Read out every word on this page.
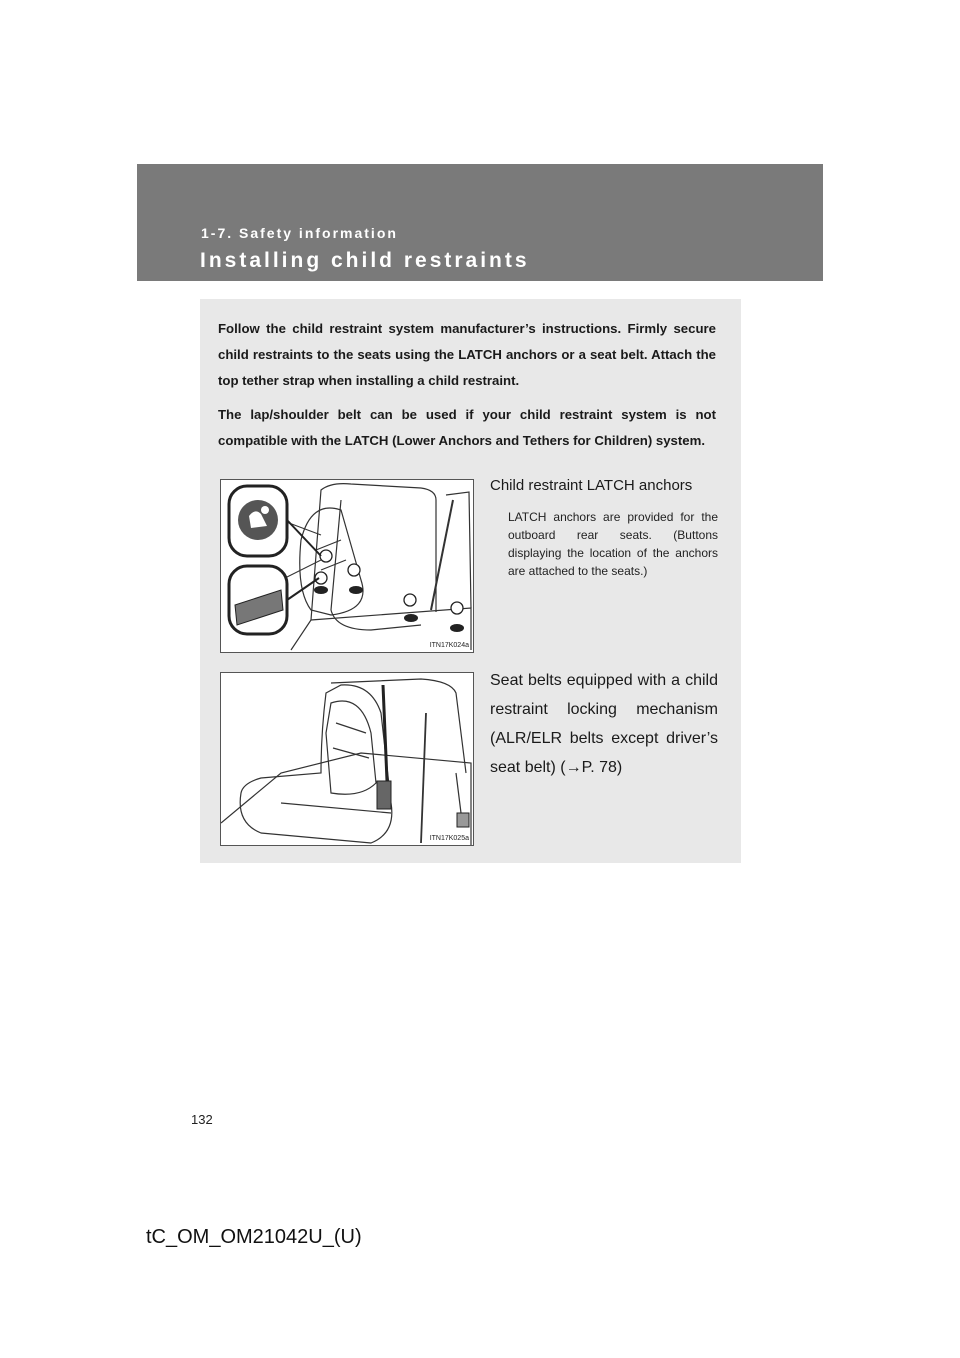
1-7. Safety information
Installing child restraints

Follow the child restraint system manufacturer’s instructions. Firmly secure child restraints to the seats using the LATCH anchors or a seat belt. Attach the top tether strap when installing a child restraint.

The lap/shoulder belt can be used if your child restraint system is not compatible with the LATCH (Lower Anchors and Tethers for Children) system.

ITN17K024a
Child restraint LATCH anchors
LATCH anchors are provided for the outboard rear seats. (Buttons displaying the location of the anchors are attached to the seats.)
ITN17K025a
Seat belts equipped with a child restraint locking mechanism (ALR/ELR belts except driver’s seat belt) (→P. 78)
132
tC_OM_OM21042U_(U)
